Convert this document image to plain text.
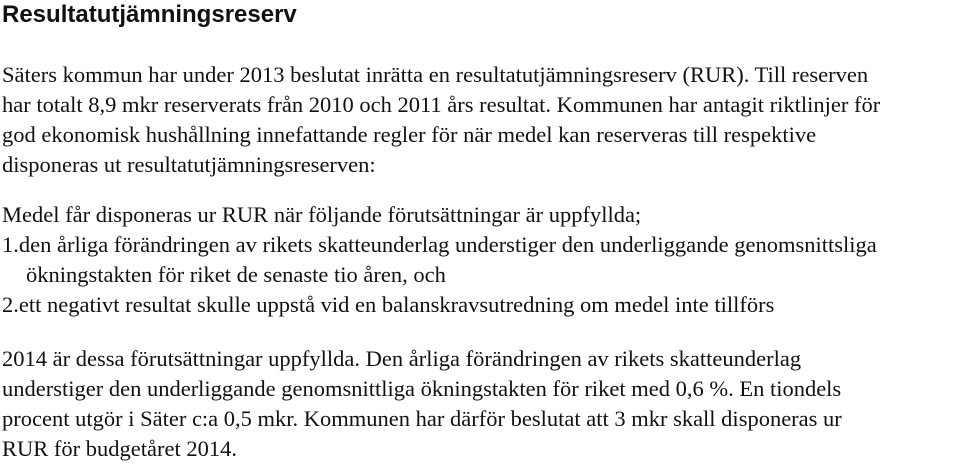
Resultatutjämningsreserv

Säters kommun har under 2013 beslutat inrätta en resultatutjämningsreserv (RUR). Till reserven
har totalt 8,9 mkr reserverats från 2010 och 2011 års resultat. Kommunen har antagit riktlinjer för
god ekonomisk hushållning innefattande regler för när medel kan reserveras till respektive
disponeras ut resultatutjämningsreserven:

Medel får disponeras ur RUR när följande förutsättningar är uppfyllda;

1.den årliga förändringen av rikets skatteunderlag understiger den underliggande genomsnittsliga
ökningstakten för riket de senaste tio åren, och
2.ett negativt resultat skulle uppstå vid en balanskravsutredning om medel inte tillförs

2014 är dessa förutsättningar uppfyllda. Den årliga förändringen av rikets skatteunderlag
understiger den underliggande genomsnittliga ökningstakten för riket med 0,6 %. En tiondels
procent utgör i Säter c:a 0,5 mkr. Kommunen har därför beslutat att 3 mkr skall disponeras ur
RUR för budgetåret 2014.
